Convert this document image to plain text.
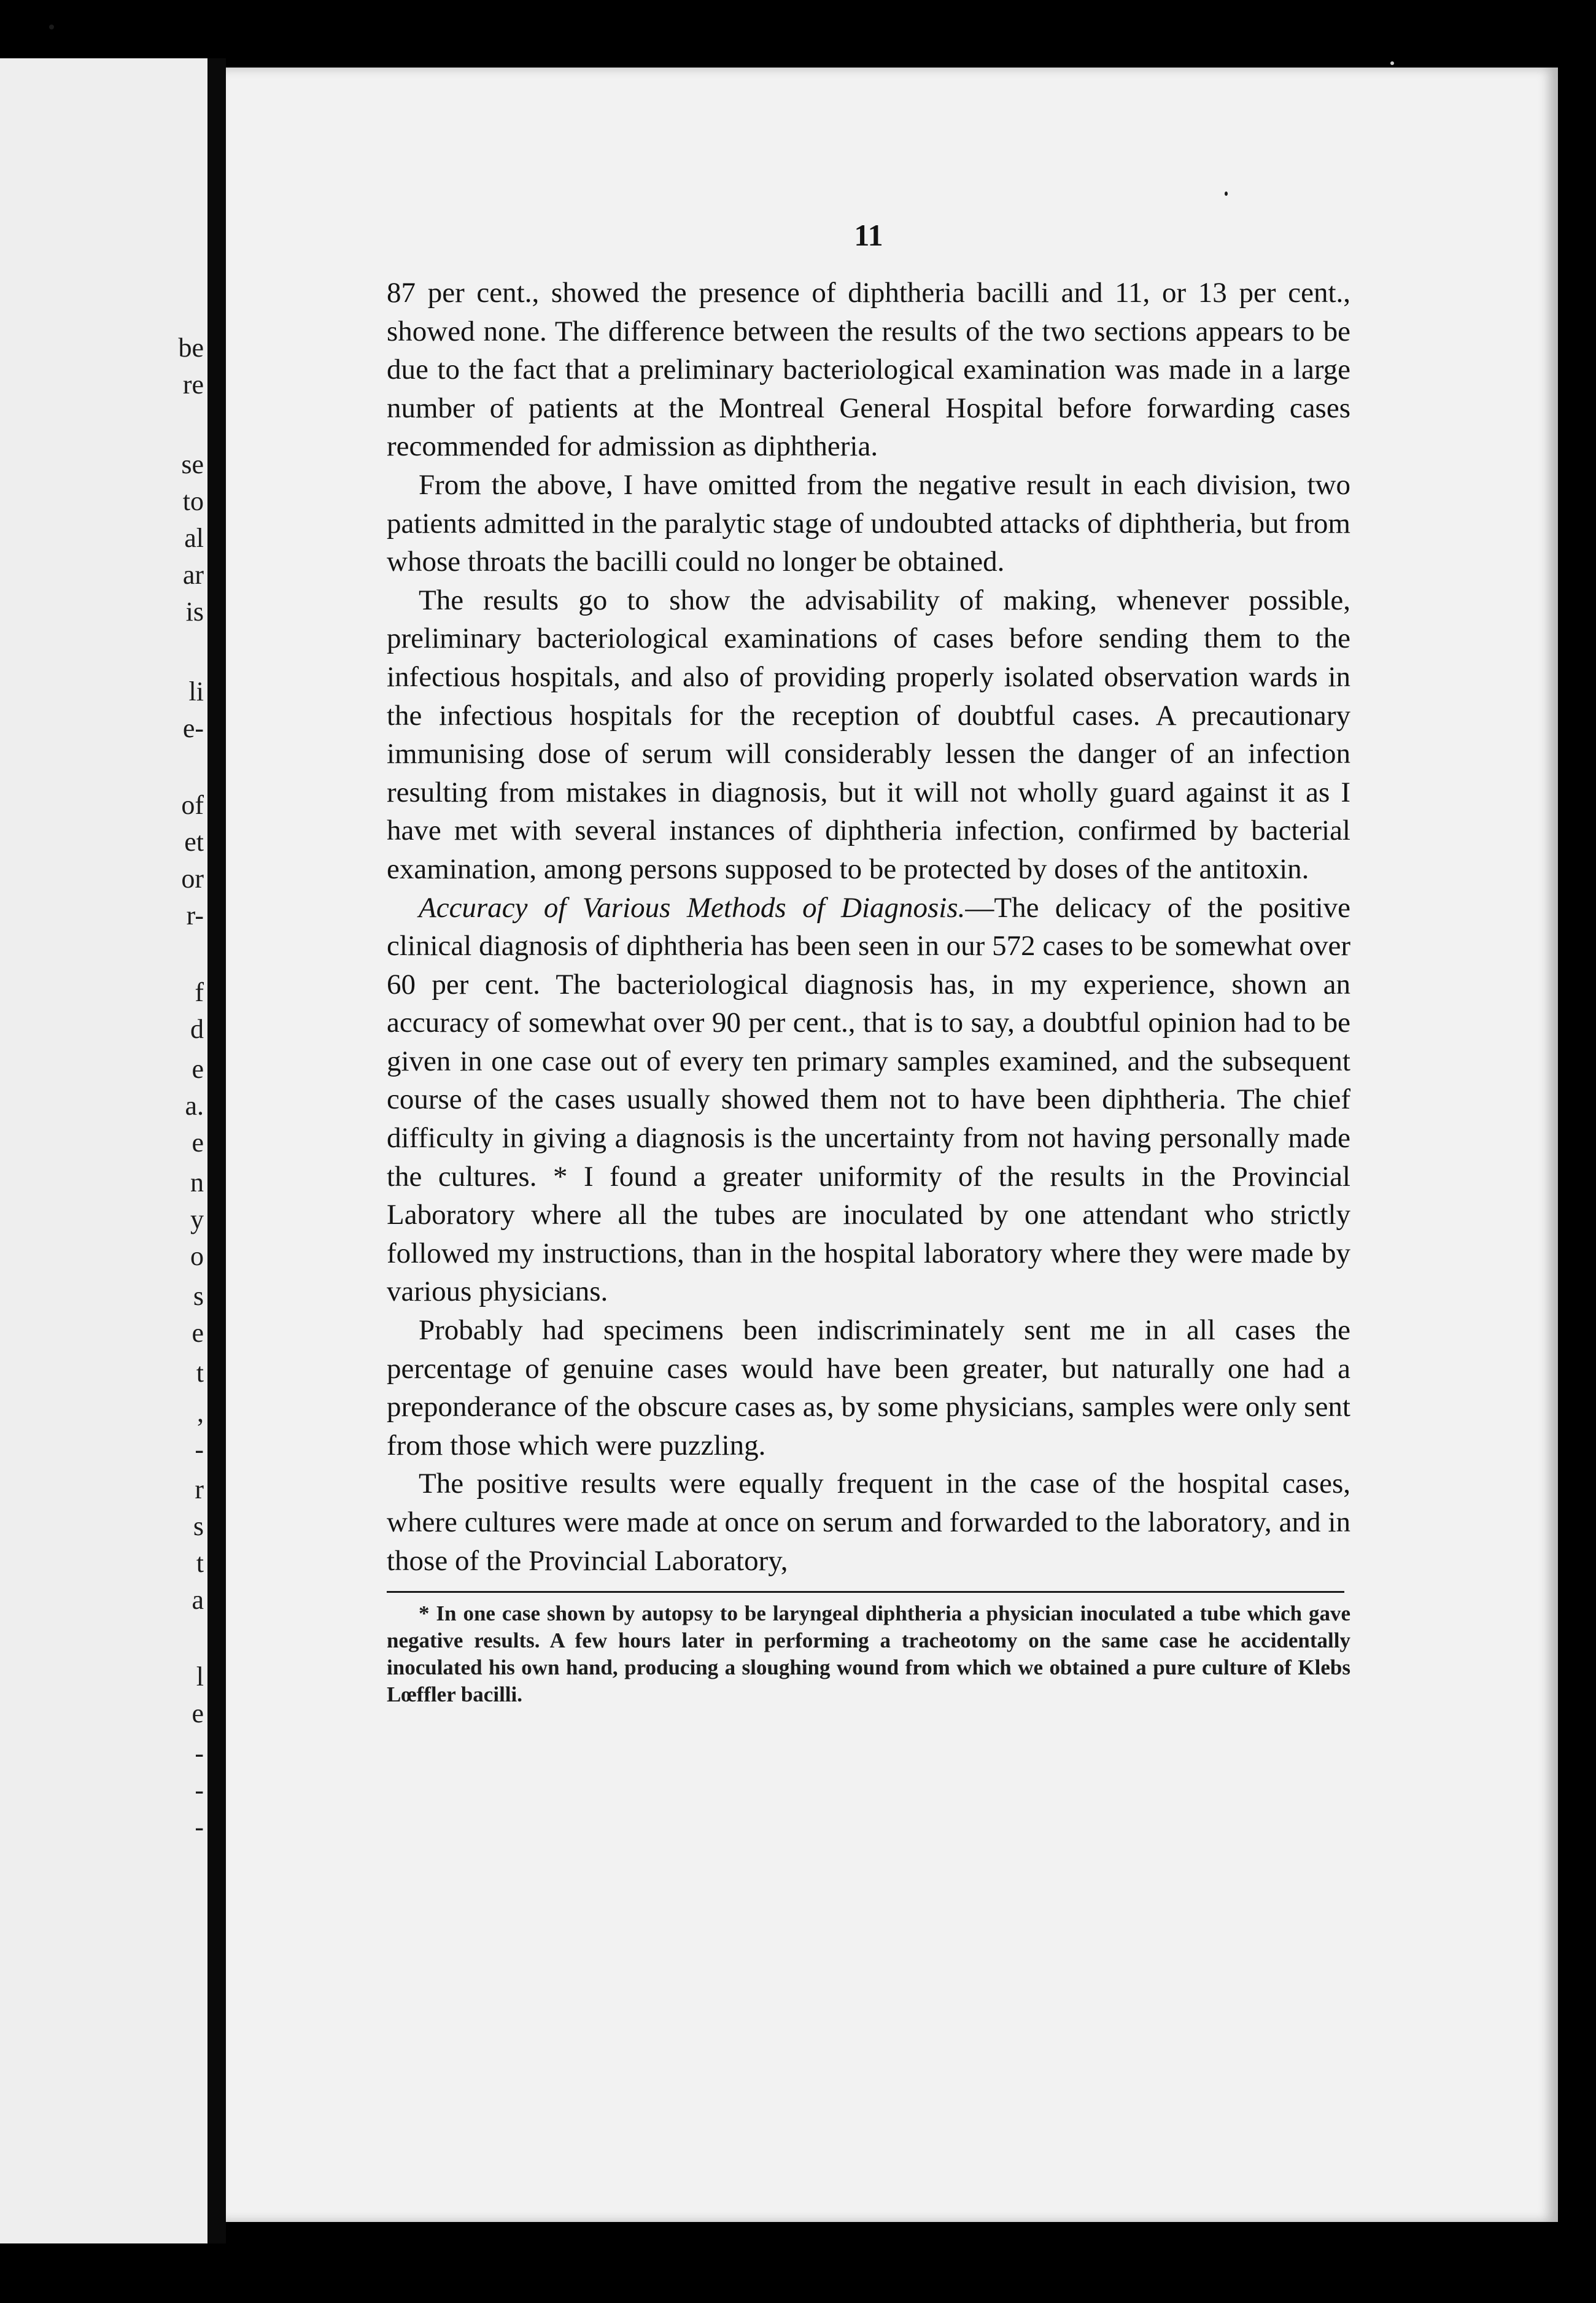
be
re
se
to
al
ar
is
li
e-
of
et
or
r-
f
d
e
a.
e
n
y
o
s
e
t
,
-
r
s
t
a
l
e
-
-
-
11

87 per cent., showed the presence of diphtheria bacilli and 11, or 13 per cent., showed none. The difference between the results of the two sections appears to be due to the fact that a preliminary bacteriological examination was made in a large number of patients at the Montreal General Hospital before forwarding cases recommended for admission as diphtheria.

From the above, I have omitted from the negative result in each division, two patients admitted in the paralytic stage of undoubted attacks of diphtheria, but from whose throats the bacilli could no longer be obtained.

The results go to show the advisability of making, whenever possible, preliminary bacteriological examinations of cases before sending them to the infectious hospitals, and also of providing properly isolated observation wards in the infectious hospitals for the reception of doubtful cases. A precautionary immunising dose of serum will considerably lessen the danger of an infection resulting from mistakes in diagnosis, but it will not wholly guard against it as I have met with several instances of diphtheria infection, confirmed by bacterial examination, among persons supposed to be protected by doses of the antitoxin.

Accuracy of Various Methods of Diagnosis.—The delicacy of the positive clinical diagnosis of diphtheria has been seen in our 572 cases to be somewhat over 60 per cent. The bacteriological diagnosis has, in my experience, shown an accuracy of somewhat over 90 per cent., that is to say, a doubtful opinion had to be given in one case out of every ten primary samples examined, and the subsequent course of the cases usually showed them not to have been diphtheria. The chief difficulty in giving a diagnosis is the uncertainty from not having personally made the cultures. * I found a greater uniformity of the results in the Provincial Laboratory where all the tubes are inoculated by one attendant who strictly followed my instructions, than in the hospital laboratory where they were made by various physicians.

Probably had specimens been indiscriminately sent me in all cases the percentage of genuine cases would have been greater, but naturally one had a preponderance of the obscure cases as, by some physicians, samples were only sent from those which were puzzling.

The positive results were equally frequent in the case of the hospital cases, where cultures were made at once on serum and forwarded to the laboratory, and in those of the Provincial Laboratory,

* In one case shown by autopsy to be laryngeal diphtheria a physician inoculated a tube which gave negative results. A few hours later in performing a tracheotomy on the same case he accidentally inoculated his own hand, producing a sloughing wound from which we obtained a pure culture of Klebs Lœffler bacilli.
